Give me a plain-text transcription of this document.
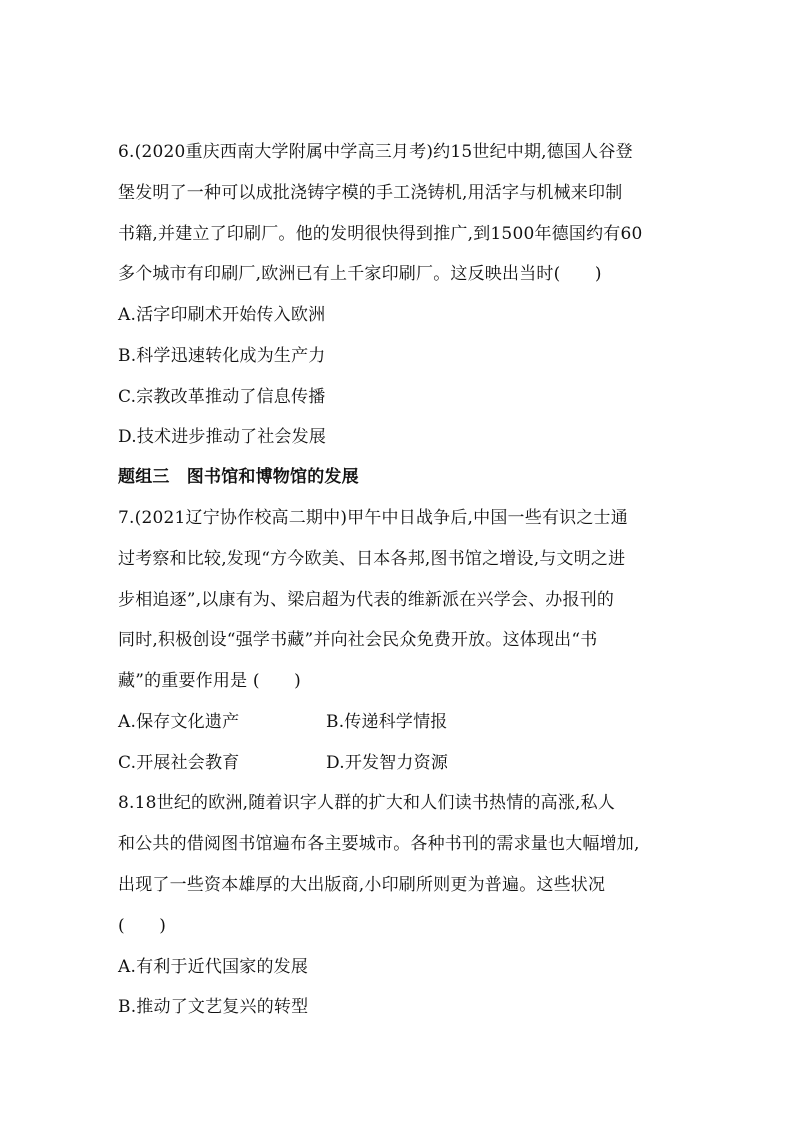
6.(2020重庆西南大学附属中学高三月考)约15世纪中期,德国人谷登
堡发明了一种可以成批浇铸字模的手工浇铸机,用活字与机械来印制
书籍,并建立了印刷厂。他的发明很快得到推广,到1500年德国约有60
多个城市有印刷厂,欧洲已有上千家印刷厂。这反映出当时(　　)
A.活字印刷术开始传入欧洲
B.科学迅速转化成为生产力
C.宗教改革推动了信息传播
D.技术进步推动了社会发展
题组三　图书馆和博物馆的发展
7.(2021辽宁协作校高二期中)甲午中日战争后,中国一些有识之士通
过考察和比较,发现“方今欧美、日本各邦,图书馆之增设,与文明之进
步相追逐”,以康有为、梁启超为代表的维新派在兴学会、办报刊的
同时,积极创设“强学书藏”并向社会民众免费开放。这体现出“书
藏”的重要作用是 (　　)
A.保存文化遗产	B.传递科学情报
C.开展社会教育	D.开发智力资源
8.18世纪的欧洲,随着识字人群的扩大和人们读书热情的高涨,私人
和公共的借阅图书馆遍布各主要城市。各种书刊的需求量也大幅增加,
出现了一些资本雄厚的大出版商,小印刷所则更为普遍。这些状况
(　　)
A.有利于近代国家的发展
B.推动了文艺复兴的转型
